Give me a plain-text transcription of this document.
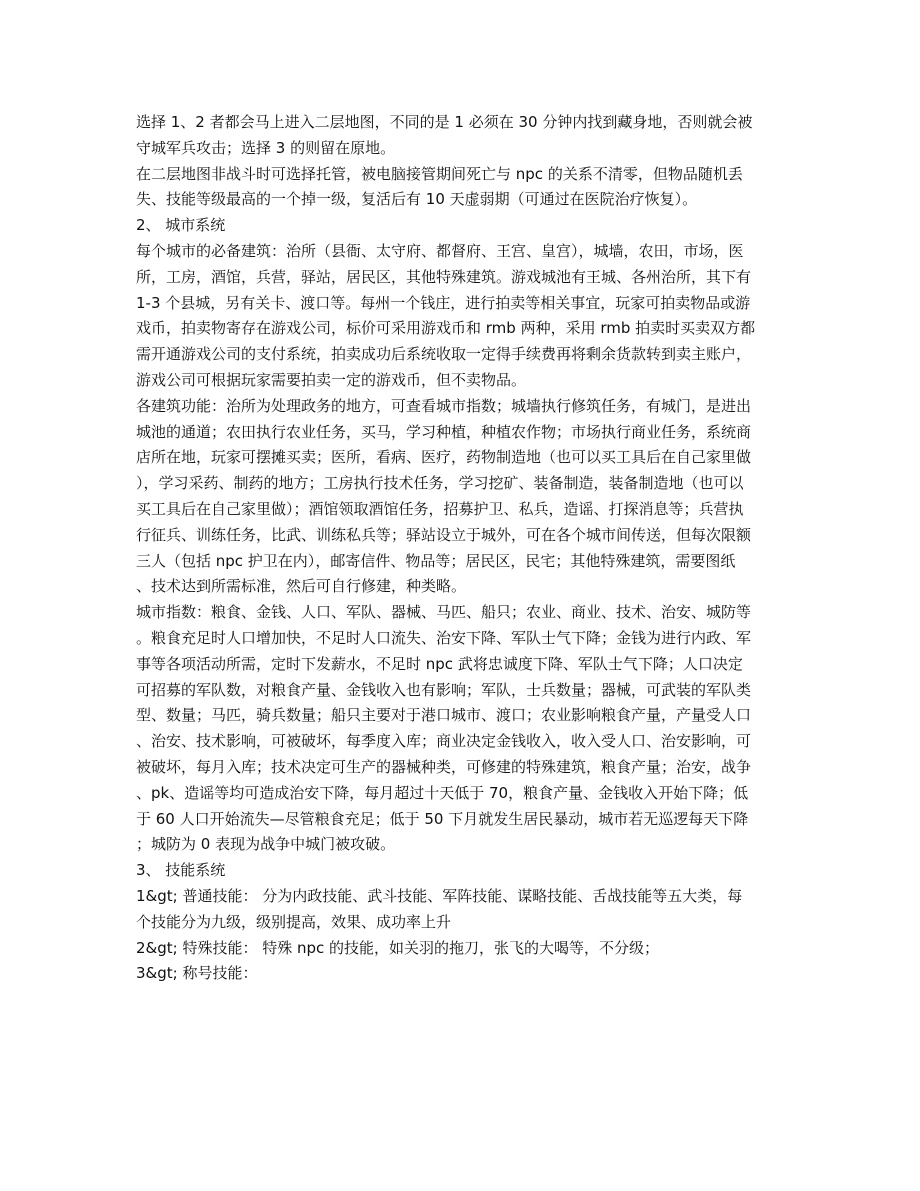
选择 1、2 者都会马上进入二层地图，不同的是 1 必须在 30 分钟内找到藏身地，否则就会被
守城军兵攻击；选择 3 的则留在原地。
在二层地图非战斗时可选择托管，被电脑接管期间死亡与 npc 的关系不清零，但物品随机丢
失、技能等级最高的一个掉一级，复活后有 10 天虚弱期（可通过在医院治疗恢复）。
2、 城市系统
每个城市的必备建筑：治所（县衙、太守府、都督府、王宫、皇宫），城墙，农田，市场，医
所，工房，酒馆，兵营，驿站，居民区，其他特殊建筑。游戏城池有王城、各州治所，其下有
1-3 个县城，另有关卡、渡口等。每州一个钱庄，进行拍卖等相关事宜，玩家可拍卖物品或游
戏币，拍卖物寄存在游戏公司，标价可采用游戏币和 rmb 两种，采用 rmb 拍卖时买卖双方都
需开通游戏公司的支付系统，拍卖成功后系统收取一定得手续费再将剩余货款转到卖主账户，
游戏公司可根据玩家需要拍卖一定的游戏币，但不卖物品。
各建筑功能：治所为处理政务的地方，可查看城市指数；城墙执行修筑任务，有城门，是进出
城池的通道；农田执行农业任务，买马，学习种植，种植农作物；市场执行商业任务，系统商
店所在地，玩家可摆摊买卖；医所，看病、医疗，药物制造地（也可以买工具后在自己家里做
），学习采药、制药的地方；工房执行技术任务，学习挖矿、装备制造，装备制造地（也可以
买工具后在自己家里做）；酒馆领取酒馆任务，招募护卫、私兵，造谣、打探消息等；兵营执
行征兵、训练任务，比武、训练私兵等；驿站设立于城外，可在各个城市间传送，但每次限额
三人（包括 npc 护卫在内），邮寄信件、物品等；居民区，民宅；其他特殊建筑，需要图纸
、技术达到所需标准，然后可自行修建，种类略。
城市指数：粮食、金钱、人口、军队、器械、马匹、船只；农业、商业、技术、治安、城防等
。粮食充足时人口增加快，不足时人口流失、治安下降、军队士气下降；金钱为进行内政、军
事等各项活动所需，定时下发薪水，不足时 npc 武将忠诚度下降、军队士气下降；人口决定
可招募的军队数，对粮食产量、金钱收入也有影响；军队，士兵数量；器械，可武装的军队类
型、数量；马匹，骑兵数量；船只主要对于港口城市、渡口；农业影响粮食产量，产量受人口
、治安、技术影响，可被破坏，每季度入库；商业决定金钱收入，收入受人口、治安影响，可
被破坏，每月入库；技术决定可生产的器械种类，可修建的特殊建筑，粮食产量；治安，战争
、pk、造谣等均可造成治安下降，每月超过十天低于 70，粮食产量、金钱收入开始下降；低
于 60 人口开始流失—尽管粮食充足；低于 50 下月就发生居民暴动，城市若无巡逻每天下降
；城防为 0 表现为战争中城门被攻破。
3、 技能系统
1&gt; 普通技能： 分为内政技能、武斗技能、军阵技能、谋略技能、舌战技能等五大类，每
个技能分为九级，级别提高，效果、成功率上升
2&gt; 特殊技能： 特殊 npc 的技能，如关羽的拖刀，张飞的大喝等，不分级；
3&gt; 称号技能：
